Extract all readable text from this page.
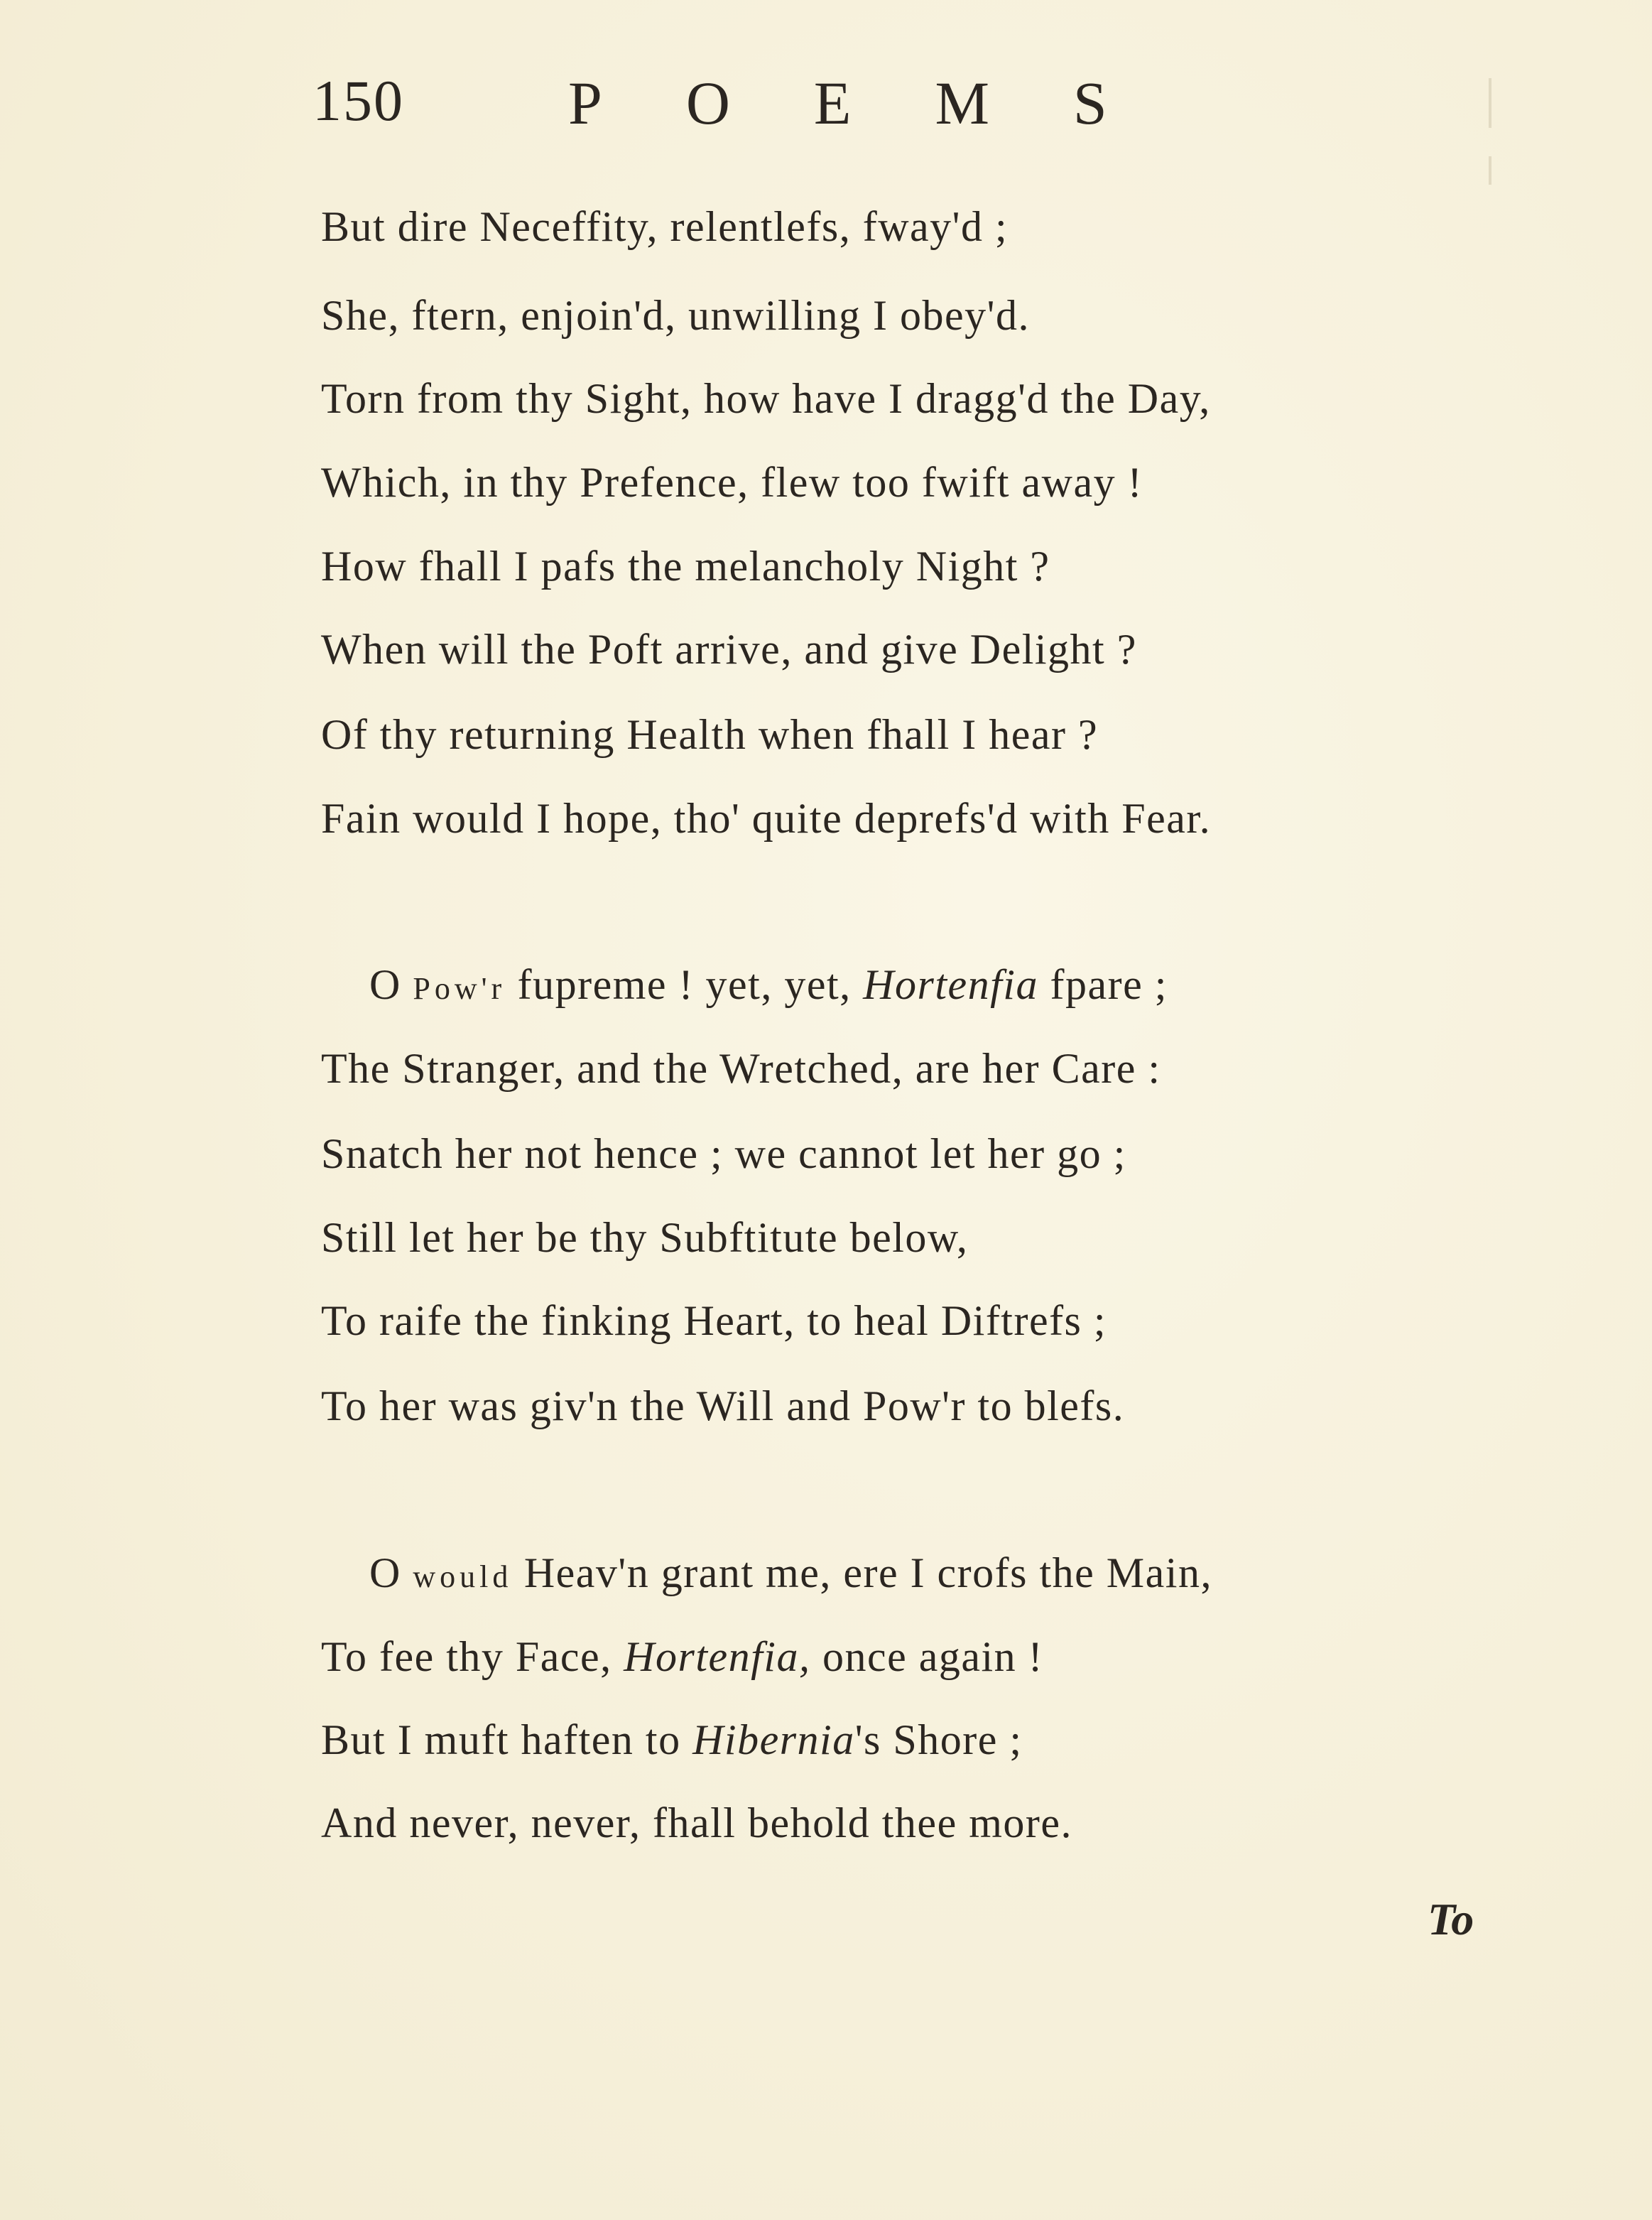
150	POEMS
But dire Neceffity, relentlefs, fway'd ;
She, ftern, enjoin'd, unwilling I obey'd.
Torn from thy Sight, how have I dragg'd the Day,
Which, in thy Prefence, flew too fwift away !
How fhall I pafs the melancholy Night ?
When will the Poft arrive, and give Delight ?
Of thy returning Health when fhall I hear ?
Fain would I hope, tho' quite deprefs'd with Fear.
O Pow'r fupreme ! yet, yet, Hortenfia fpare ;
The Stranger, and the Wretched, are her Care :
Snatch her not hence ; we cannot let her go ;
Still let her be thy Subftitute below,
To raife the finking Heart, to heal Diftrefs ;
To her was giv'n the Will and Pow'r to blefs.
O would Heav'n grant me, ere I crofs the Main,
To fee thy Face, Hortenfia, once again !
But I muft haften to Hibernia's Shore ;
And never, never, fhall behold thee more.
To
